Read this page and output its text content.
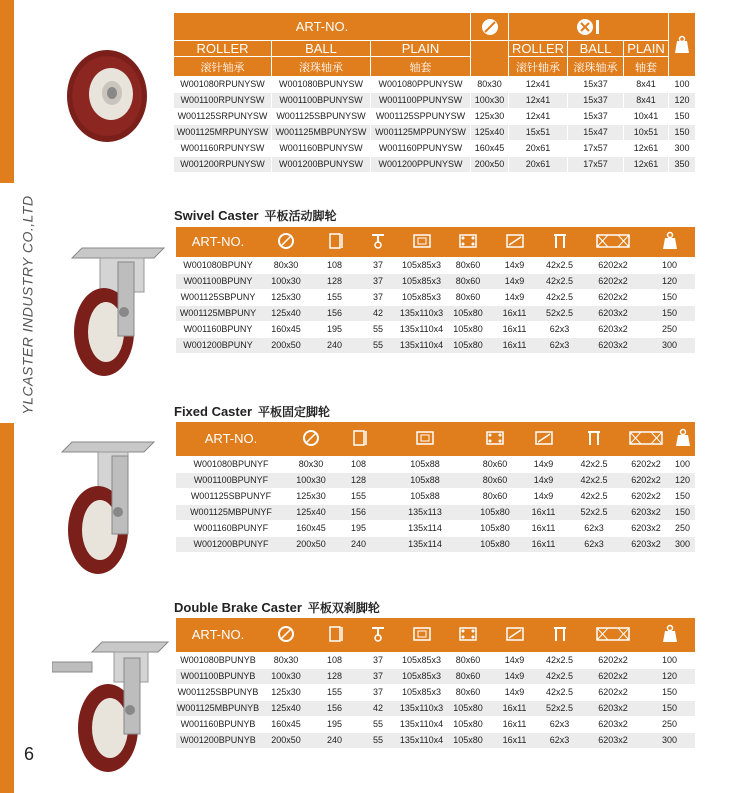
YLCASTER INDUSTRY CO.,LTD
6
ART-NO.			
ROLLER	BALL	PLAIN		ROLLER	BALL	PLAIN	
滚针轴承	滚珠轴承	轴套		滚针轴承	滚珠轴承	轴套	
W001080RPUNYSW	W001080BPUNYSW	W001080PPUNYSW	80x30	12x41	15x37	8x41	100
W001100RPUNYSW	W001100BPUNYSW	W001100PPUNYSW	100x30	12x41	15x37	8x41	120
W001125SRPUNYSW	W001125SBPUNYSW	W001125SPPUNYSW	125x30	12x41	15x37	10x41	150
W001125MRPUNYSW	W001125MBPUNYSW	W001125MPPUNYSW	125x40	15x51	15x47	10x51	150
W001160RPUNYSW	W001160BPUNYSW	W001160PPUNYSW	160x45	20x61	17x57	12x61	300
W001200RPUNYSW	W001200BPUNYSW	W001200PPUNYSW	200x50	20x61	17x57	12x61	350
Swivel Caster 平板活动脚轮
ART-NO.									
W001080BPUNY	80x30	108	37	105x85x3	80x60	14x9	42x2.5	6202x2	100
W001100BPUNY	100x30	128	37	105x85x3	80x60	14x9	42x2.5	6202x2	120
W001125SBPUNY	125x30	155	37	105x85x3	80x60	14x9	42x2.5	6202x2	150
W001125MBPUNY	125x40	156	42	135x110x3	105x80	16x11	52x2.5	6203x2	150
W001160BPUNY	160x45	195	55	135x110x4	105x80	16x11	62x3	6203x2	250
W001200BPUNY	200x50	240	55	135x110x4	105x80	16x11	62x3	6203x2	300
Fixed Caster 平板固定脚轮
ART-NO.								
W001080BPUNYF	80x30	108	105x88	80x60	14x9	42x2.5	6202x2	100
W001100BPUNYF	100x30	128	105x88	80x60	14x9	42x2.5	6202x2	120
W001125SBPUNYF	125x30	155	105x88	80x60	14x9	42x2.5	6202x2	150
W001125MBPUNYF	125x40	156	135x113	105x80	16x11	52x2.5	6203x2	150
W001160BPUNYF	160x45	195	135x114	105x80	16x11	62x3	6203x2	250
W001200BPUNYF	200x50	240	135x114	105x80	16x11	62x3	6203x2	300
Double Brake Caster 平板双刹脚轮
ART-NO.									
W001080BPUNYB	80x30	108	37	105x85x3	80x60	14x9	42x2.5	6202x2	100
W001100BPUNYB	100x30	128	37	105x85x3	80x60	14x9	42x2.5	6202x2	120
W001125SBPUNYB	125x30	155	37	105x85x3	80x60	14x9	42x2.5	6202x2	150
W001125MBPUNYB	125x40	156	42	135x110x3	105x80	16x11	52x2.5	6203x2	150
W001160BPUNYB	160x45	195	55	135x110x4	105x80	16x11	62x3	6203x2	250
W001200BPUNYB	200x50	240	55	135x110x4	105x80	16x11	62x3	6203x2	300
